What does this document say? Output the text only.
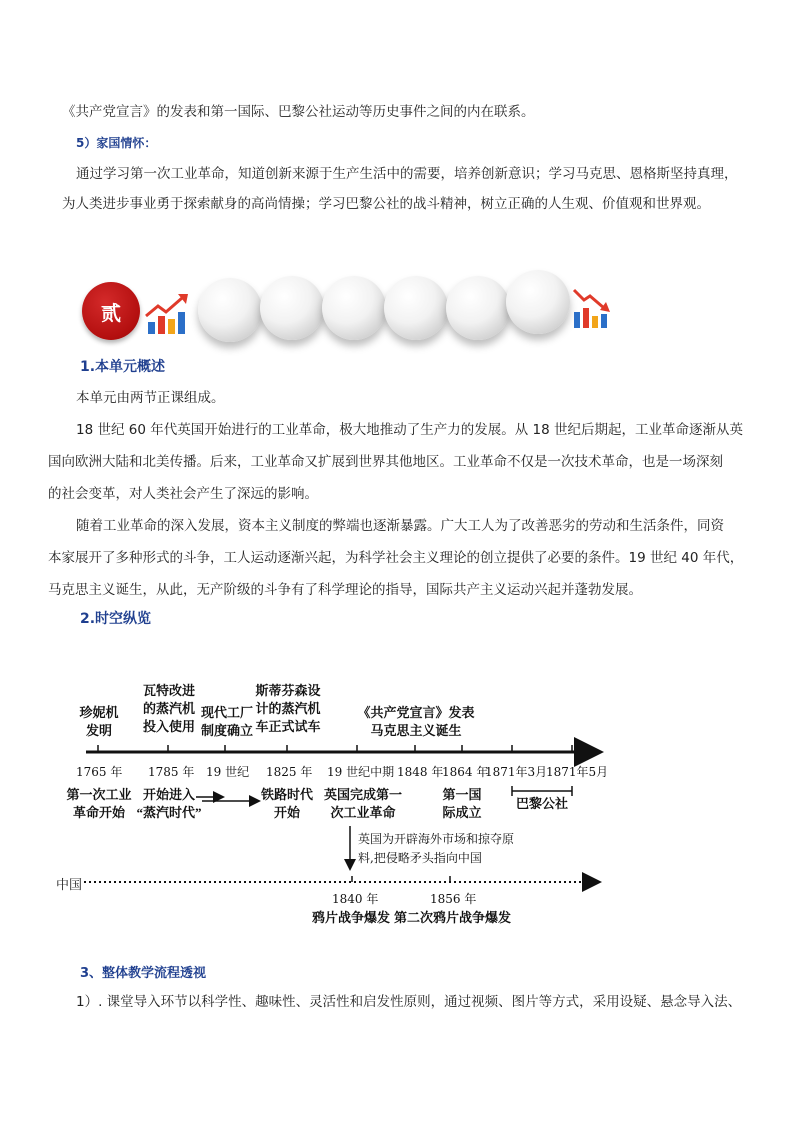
《共产党宣言》的发表和第一国际、巴黎公社运动等历史事件之间的内在联系。
5）家国情怀：
通过学习第一次工业革命，知道创新来源于生产生活中的需要，培养创新意识；学习马克思、恩格斯坚持真理，
为人类进步事业勇于探索献身的高尚情操；学习巴黎公社的战斗精神，树立正确的人生观、价值观和世界观。
贰
1.本单元概述
本单元由两节正课组成。
18 世纪 60 年代英国开始进行的工业革命，极大地推动了生产力的发展。从 18 世纪后期起，工业革命逐渐从英
国向欧洲大陆和北美传播。后来，工业革命又扩展到世界其他地区。工业革命不仅是一次技术革命，也是一场深刻
的社会变革，对人类社会产生了深远的影响。
随着工业革命的深入发展，资本主义制度的弊端也逐渐暴露。广大工人为了改善恶劣的劳动和生活条件，同资
本家展开了多种形式的斗争，工人运动逐渐兴起，为科学社会主义理论的创立提供了必要的条件。19 世纪 40 年代，
马克思主义诞生，从此，无产阶级的斗争有了科学理论的指导，国际共产主义运动兴起并蓬勃发展。
2.时空纵览
珍妮机
发明
瓦特改进
的蒸汽机
投入使用
现代工厂
制度确立
斯蒂芬森设
计的蒸汽机
车正式试车
《共产党宣言》发表
马克思主义诞生
1765 年 1785 年 19 世纪 1825 年 19 世纪中期 1848 年
1864 年
1871年3月
1871年5月
第一次工业
革命开始
开始进入
“蒸汽时代”
铁路时代
开始
英国完成第一
次工业革命
第一国
际成立
巴黎公社
英国为开辟海外市场和掠夺原
料,把侵略矛头指向中国
中国
1840 年	1856 年
鸦片战争爆发 第二次鸦片战争爆发
3、整体教学流程透视
1）. 课堂导入环节以科学性、趣味性、灵活性和启发性原则，通过视频、图片等方式，采用设疑、悬念导入法、
